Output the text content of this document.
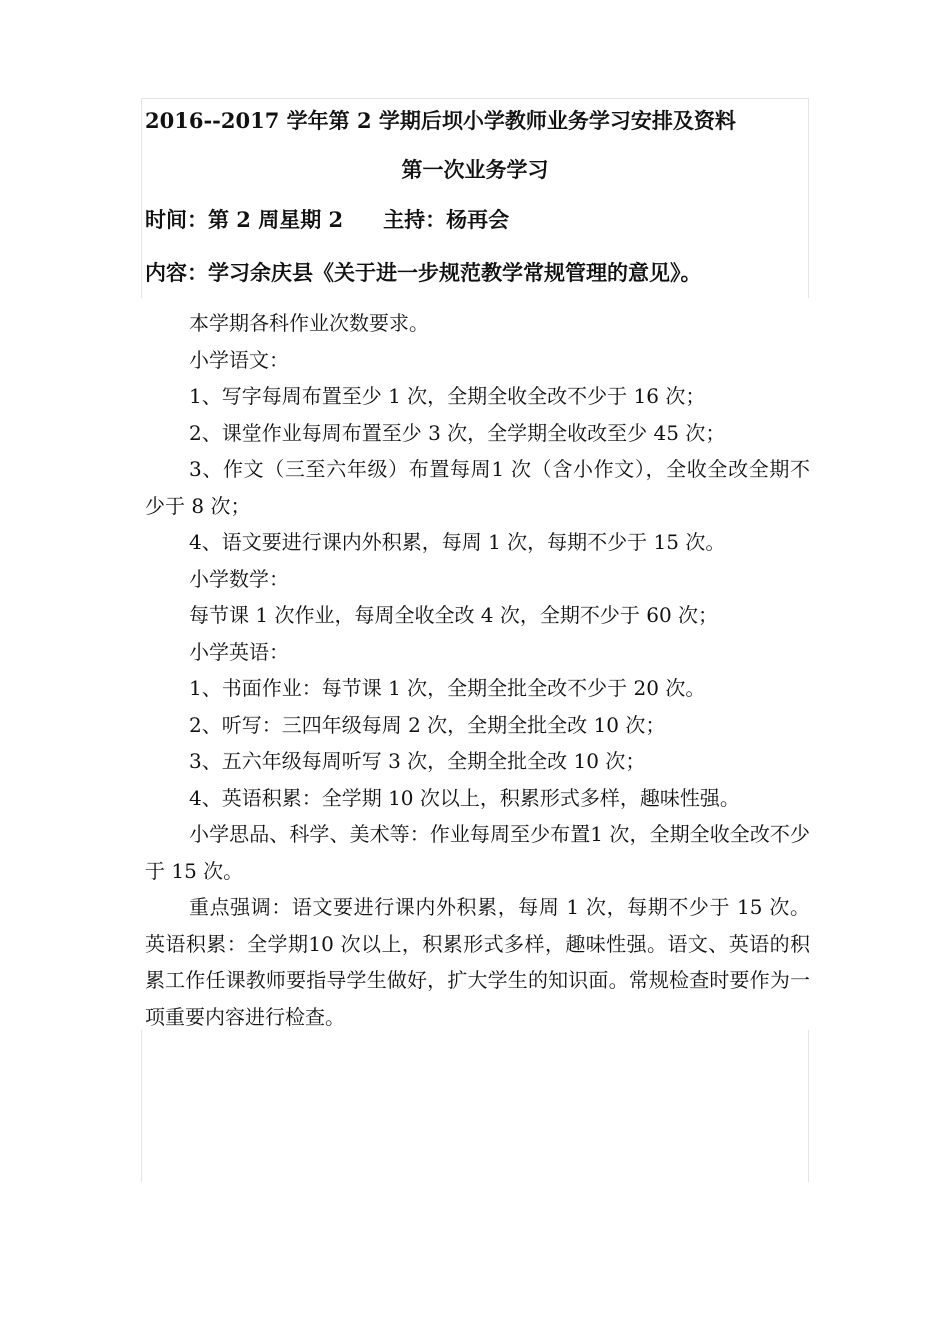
2016--2017 学年第 2 学期后坝小学教师业务学习安排及资料
第一次业务学习
时间：第 2 周星期 2 主持：杨再会
内容：学习余庆县《关于进一步规范教学常规管理的意见》。

本学期各科作业次数要求。

小学语文：

1、写字每周布置至少 1 次，全期全收全改不少于 16 次；

2、课堂作业每周布置至少 3 次，全学期全收改至少 45 次；

3、作文（三至六年级）布置每周1 次（含小作文），全收全改全期不少于 8 次；

4、语文要进行课内外积累，每周 1 次，每期不少于 15 次。

小学数学：

每节课 1 次作业，每周全收全改 4 次，全期不少于 60 次；

小学英语：

1、书面作业：每节课 1 次，全期全批全改不少于 20 次。

2、听写：三四年级每周 2 次，全期全批全改 10 次；

3、五六年级每周听写 3 次，全期全批全改 10 次；

4、英语积累：全学期 10 次以上，积累形式多样，趣味性强。

小学思品、科学、美术等：作业每周至少布置1 次，全期全收全改不少于 15 次。

重点强调：语文要进行课内外积累，每周 1 次，每期不少于 15 次。英语积累：全学期10 次以上，积累形式多样，趣味性强。语文、英语的积累工作任课教师要指导学生做好，扩大学生的知识面。常规检查时要作为一项重要内容进行检查。
